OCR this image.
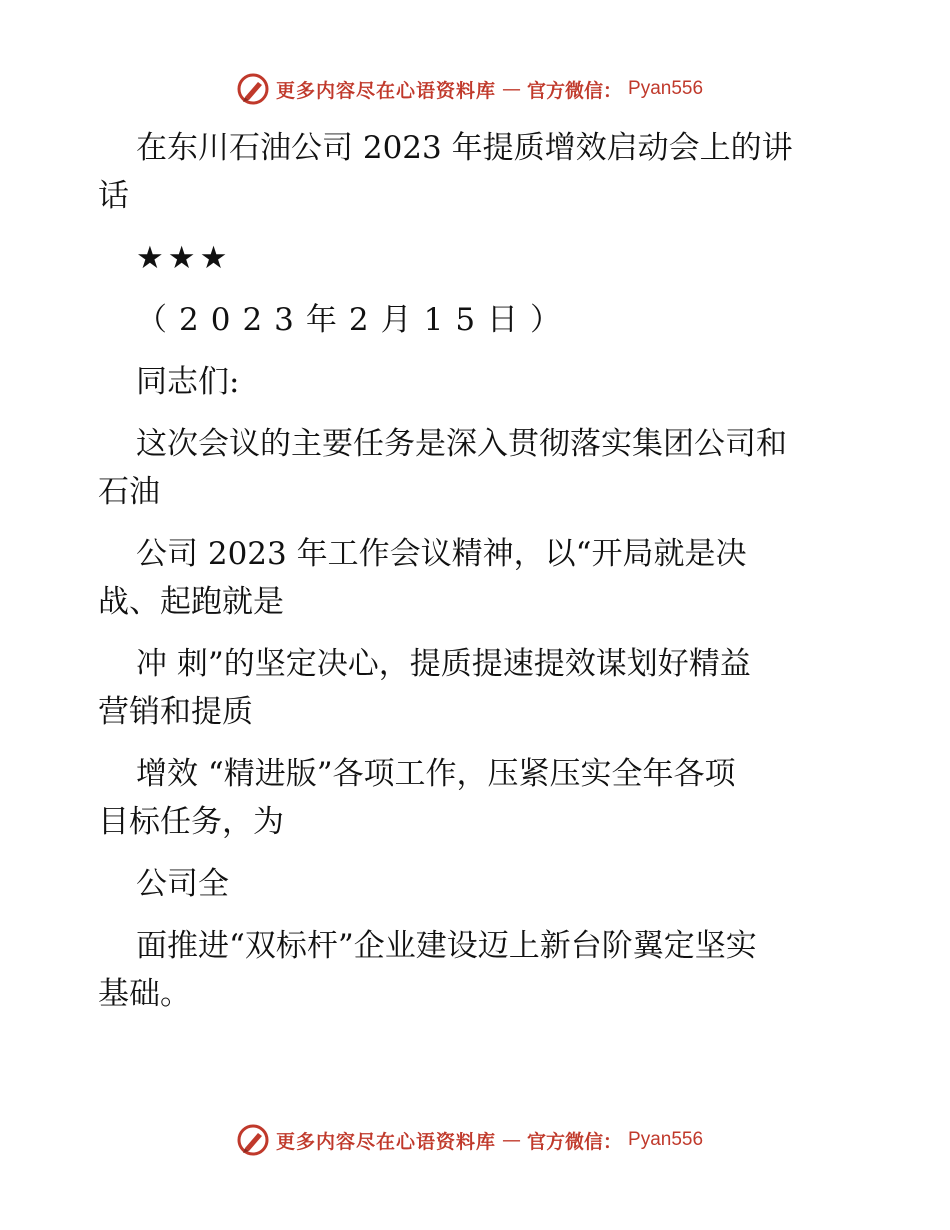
更多内容尽在心语资料库 — 官方微信： Pyan556
在东川石油公司 2023 年提质增效启动会上的讲
话
★★★
（2023年2月15日）
同志们:
这次会议的主要任务是深入贯彻落实集团公司和
石油
公司 2023 年工作会议精神，以“开局就是决
战、起跑就是
冲 刺”的坚定决心，提质提速提效谋划好精益
营销和提质
增效 “精进版”各项工作，压紧压实全年各项
目标任务，为
公司全
面推进“双标杆”企业建设迈上新台阶翼定坚实
基础。
更多内容尽在心语资料库 — 官方微信： Pyan556
